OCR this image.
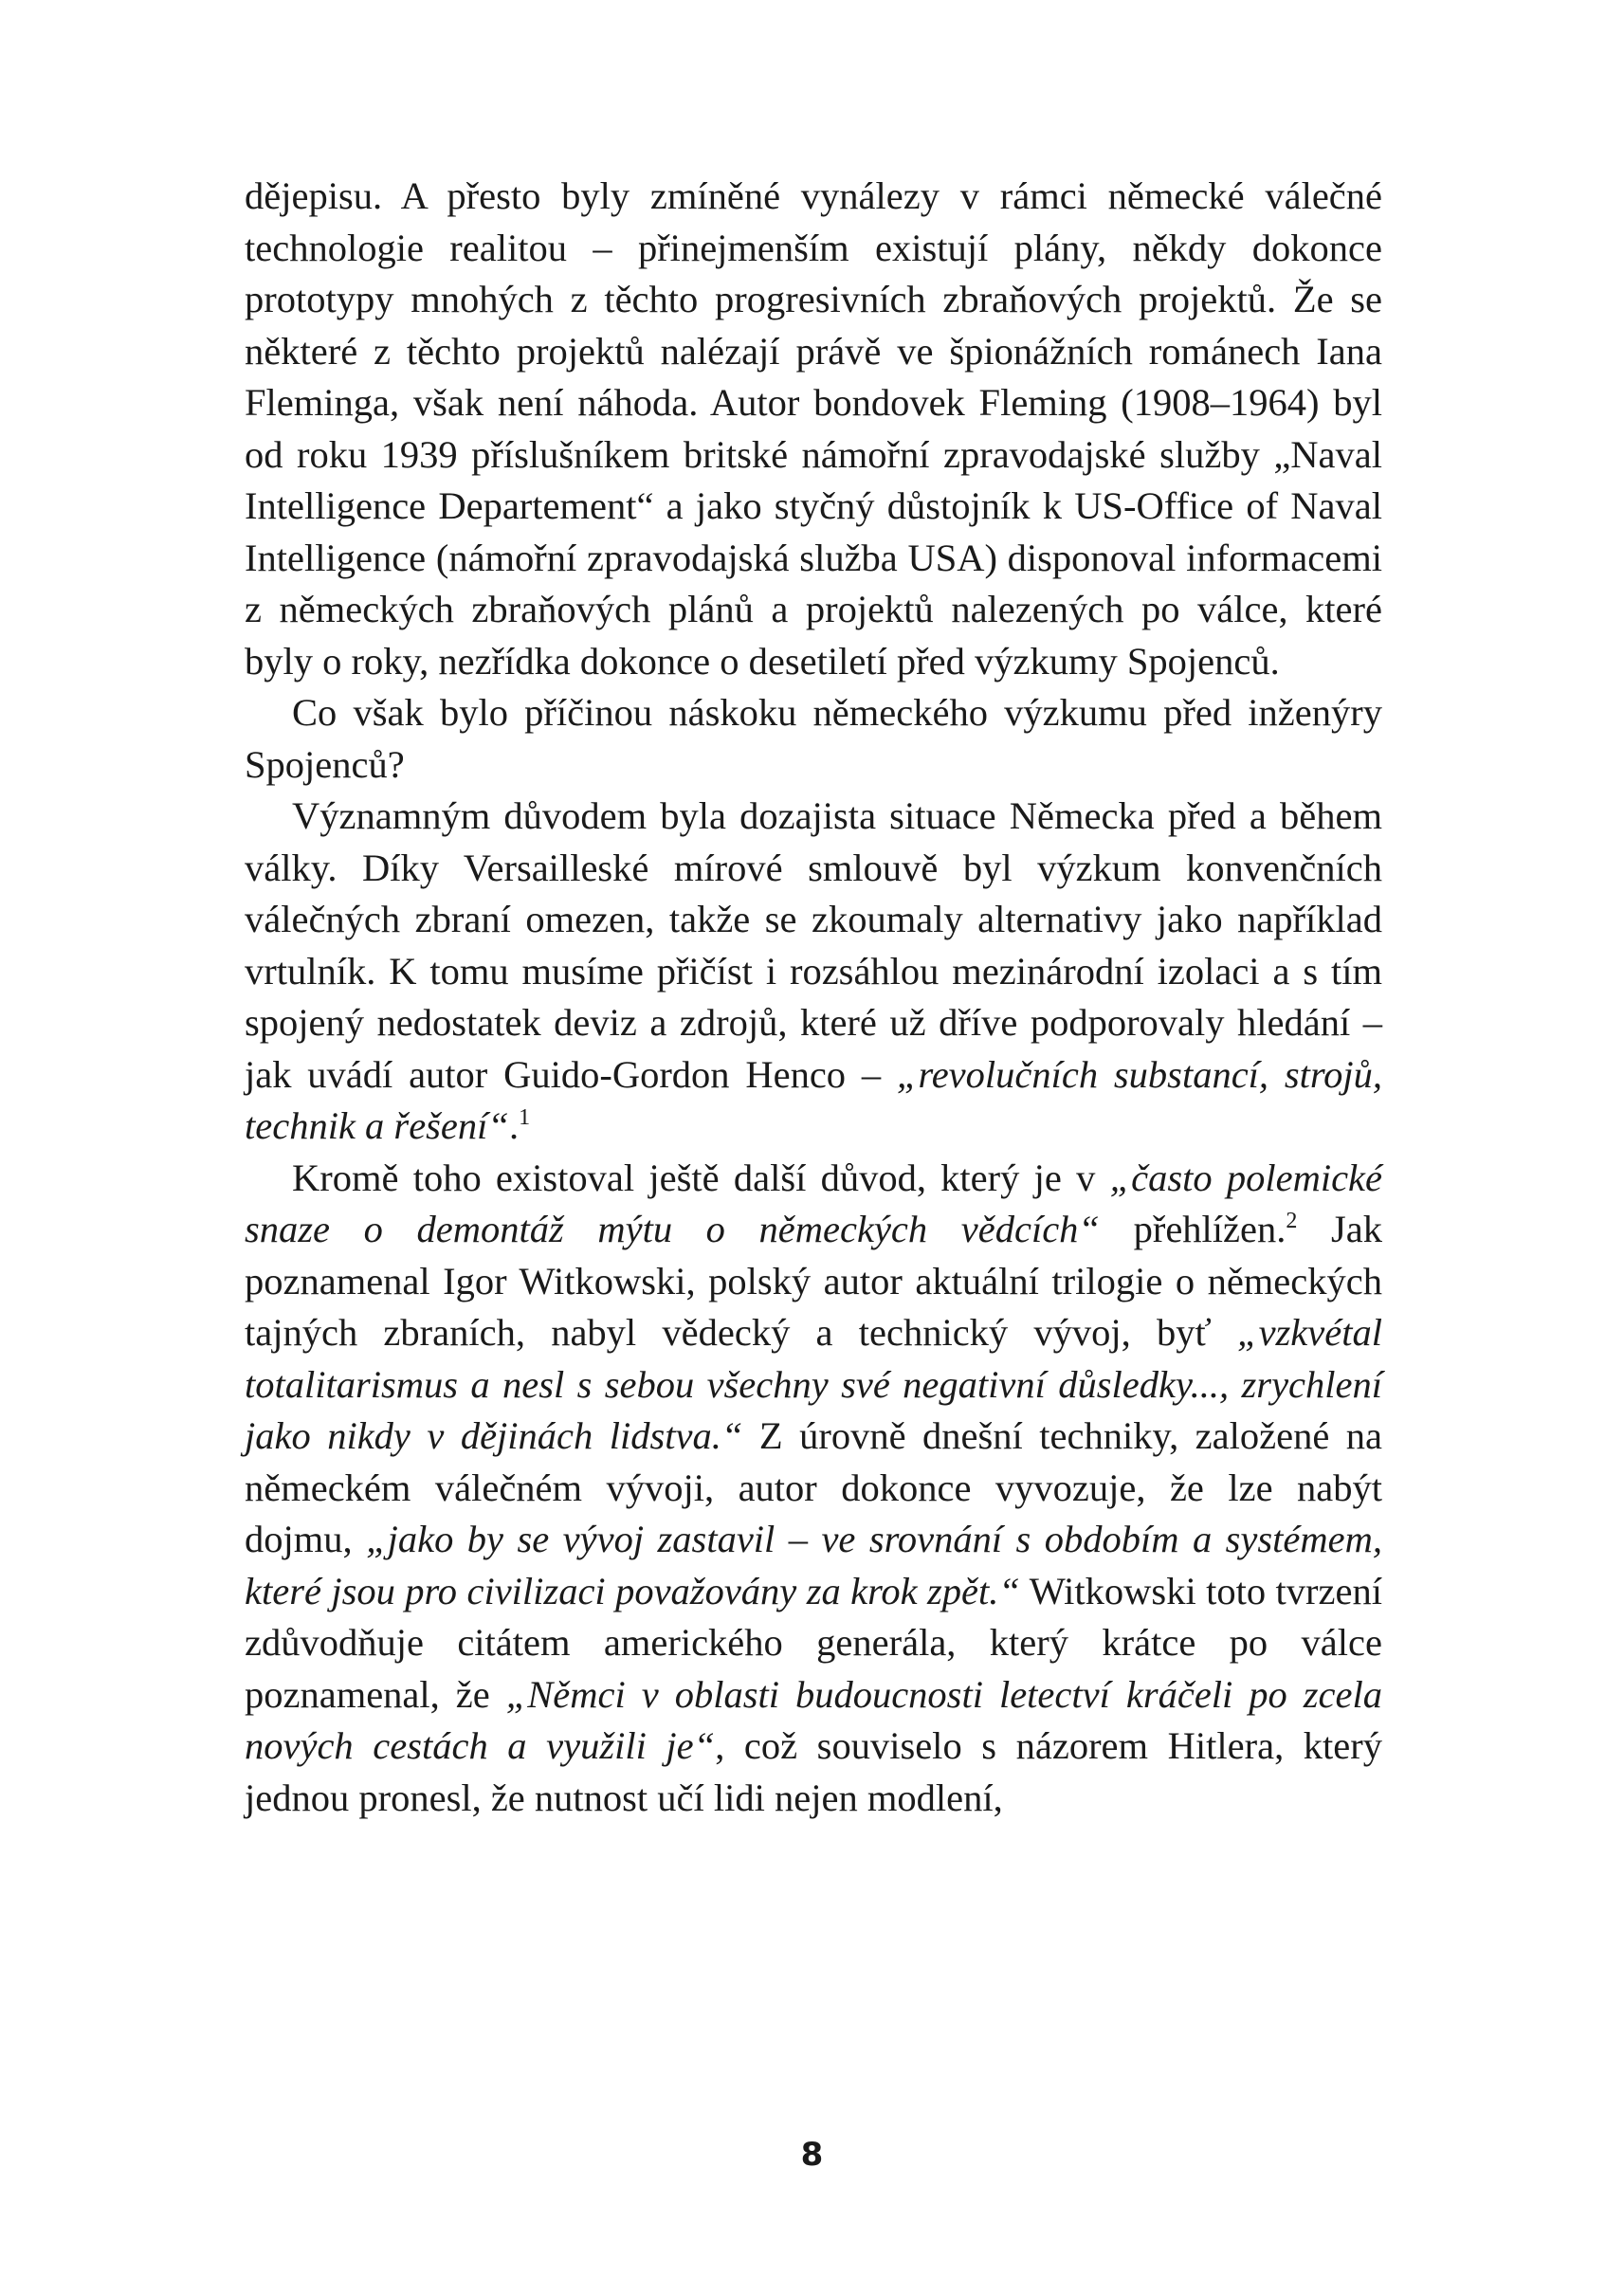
dějepisu. A přesto byly zmíněné vynálezy v rámci německé válečné technologie realitou – přinejmenším existují plány, někdy dokonce prototypy mnohých z těchto progresivních zbraňových projektů. Že se některé z těchto projektů nalézají právě ve špionážních románech Iana Fleminga, však není náhoda. Autor bondovek Fleming (1908–1964) byl od roku 1939 příslušníkem britské námořní zpravodajské služby „Naval Intelligence Departement“ a jako styčný důstojník k US-Office of Naval Intelligence (námořní zpravodajská služba USA) disponoval informacemi z německých zbraňových plánů a projektů nalezených po válce, které byly o roky, nezřídka dokonce o desetiletí před výzkumy Spojenců.

Co však bylo příčinou náskoku německého výzkumu před inženýry Spojenců?

Významným důvodem byla dozajista situace Německa před a během války. Díky Versailleské mírové smlouvě byl výzkum konvenčních válečných zbraní omezen, takže se zkoumaly alternativy jako například vrtulník. K tomu musíme přičíst i rozsáhlou mezinárodní izolaci a s tím spojený nedostatek deviz a zdrojů, které už dříve podporovaly hledání – jak uvádí autor Guido-Gordon Henco – „revolučních substancí, strojů, technik a řešení“.$^1$

Kromě toho existoval ještě další důvod, který je v „často polemické snaze o demontáž mýtu o německých vědcích“ přehlížen.$^2$ Jak poznamenal Igor Witkowski, polský autor aktuální trilogie o německých tajných zbraních, nabyl vědecký a technický vývoj, byť „vzkvétal totalitarismus a nesl s sebou všechny své negativní důsledky..., zrychlení jako nikdy v dějinách lidstva.“ Z úrovně dnešní techniky, založené na německém válečném vývoji, autor dokonce vyvozuje, že lze nabýt dojmu, „jako by se vývoj zastavil – ve srovnání s obdobím a systémem, které jsou pro civilizaci považovány za krok zpět.“ Witkowski toto tvrzení zdůvodňuje citátem amerického generála, který krátce po válce poznamenal, že „Němci v oblasti budoucnosti letectví kráčeli po zcela nových cestách a využili je“, což souviselo s názorem Hitlera, který jednou pronesl, že nutnost učí lidi nejen modlení,

8
